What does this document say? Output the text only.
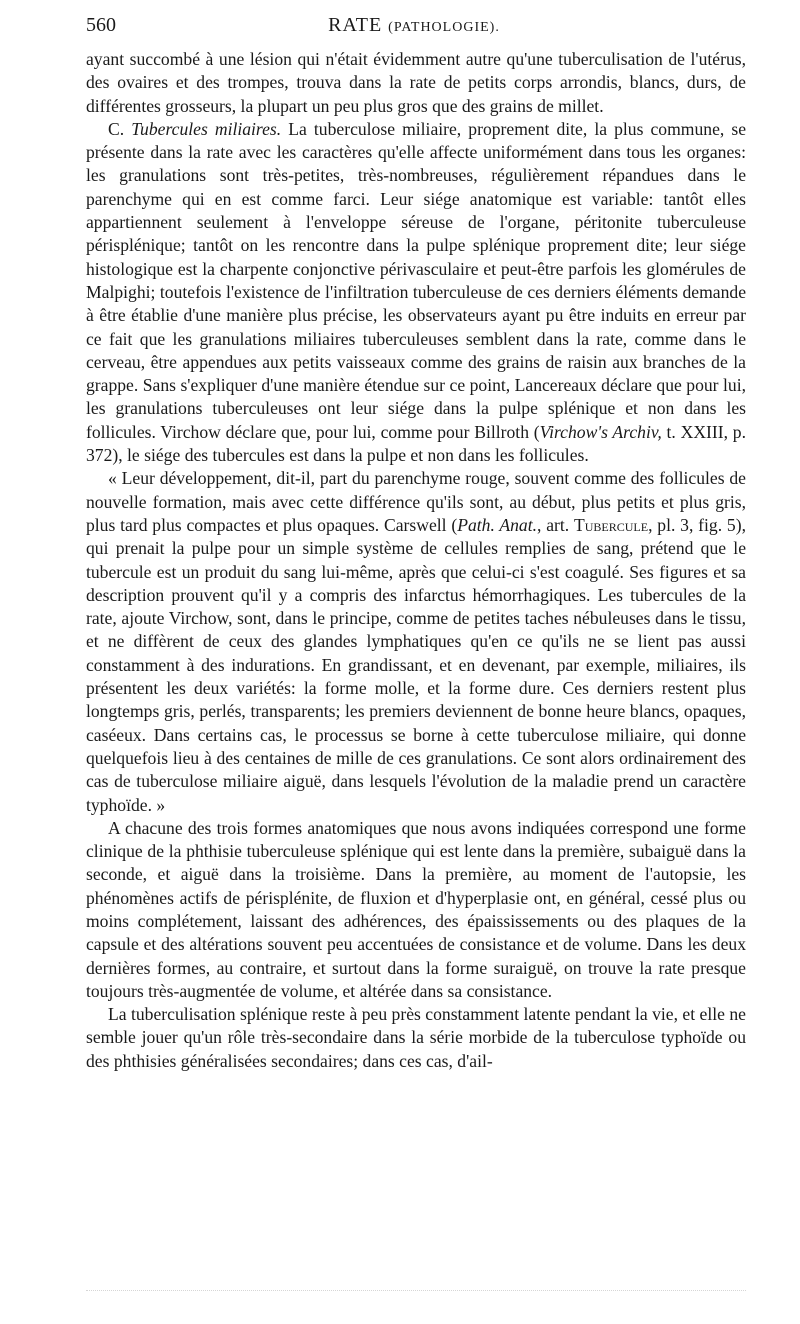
560	RATE (PATHOLOGIE).

ayant succombé à une lésion qui n'était évidemment autre qu'une tuberculisation de l'utérus, des ovaires et des trompes, trouva dans la rate de petits corps arrondis, blancs, durs, de différentes grosseurs, la plupart un peu plus gros que des grains de millet.

C. Tubercules miliaires. La tuberculose miliaire, proprement dite, la plus commune, se présente dans la rate avec les caractères qu'elle affecte uniformément dans tous les organes: les granulations sont très-petites, très-nombreuses, régulièrement répandues dans le parenchyme qui en est comme farci. Leur siége anatomique est variable: tantôt elles appartiennent seulement à l'enveloppe séreuse de l'organe, péritonite tuberculeuse périsplénique; tantôt on les rencontre dans la pulpe splénique proprement dite; leur siége histologique est la charpente conjonctive périvasculaire et peut-être parfois les glomérules de Malpighi; toutefois l'existence de l'infiltration tuberculeuse de ces derniers éléments demande à être établie d'une manière plus précise, les observateurs ayant pu être induits en erreur par ce fait que les granulations miliaires tuberculeuses semblent dans la rate, comme dans le cerveau, être appendues aux petits vaisseaux comme des grains de raisin aux branches de la grappe. Sans s'expliquer d'une manière étendue sur ce point, Lancereaux déclare que pour lui, les granulations tuberculeuses ont leur siége dans la pulpe splénique et non dans les follicules. Virchow déclare que, pour lui, comme pour Billroth (Virchow's Archiv, t. XXIII, p. 372), le siége des tubercules est dans la pulpe et non dans les follicules.

« Leur développement, dit-il, part du parenchyme rouge, souvent comme des follicules de nouvelle formation, mais avec cette différence qu'ils sont, au début, plus petits et plus gris, plus tard plus compactes et plus opaques. Carswell (Path. Anat., art. Tubercule, pl. 3, fig. 5), qui prenait la pulpe pour un simple système de cellules remplies de sang, prétend que le tubercule est un produit du sang lui-même, après que celui-ci s'est coagulé. Ses figures et sa description prouvent qu'il y a compris des infarctus hémorrhagiques. Les tubercules de la rate, ajoute Virchow, sont, dans le principe, comme de petites taches nébuleuses dans le tissu, et ne diffèrent de ceux des glandes lymphatiques qu'en ce qu'ils ne se lient pas aussi constamment à des indurations. En grandissant, et en devenant, par exemple, miliaires, ils présentent les deux variétés: la forme molle, et la forme dure. Ces derniers restent plus longtemps gris, perlés, transparents; les premiers deviennent de bonne heure blancs, opaques, caséeux. Dans certains cas, le processus se borne à cette tuberculose miliaire, qui donne quelquefois lieu à des centaines de mille de ces granulations. Ce sont alors ordinairement des cas de tuberculose miliaire aiguë, dans lesquels l'évolution de la maladie prend un caractère typhoïde. »

A chacune des trois formes anatomiques que nous avons indiquées correspond une forme clinique de la phthisie tuberculeuse splénique qui est lente dans la première, subaiguë dans la seconde, et aiguë dans la troisième. Dans la première, au moment de l'autopsie, les phénomènes actifs de périsplénite, de fluxion et d'hyperplasie ont, en général, cessé plus ou moins complétement, laissant des adhérences, des épaississements ou des plaques de la capsule et des altérations souvent peu accentuées de consistance et de volume. Dans les deux dernières formes, au contraire, et surtout dans la forme suraiguë, on trouve la rate presque toujours très-augmentée de volume, et altérée dans sa consistance.

La tuberculisation splénique reste à peu près constamment latente pendant la vie, et elle ne semble jouer qu'un rôle très-secondaire dans la série morbide de la tuberculose typhoïde ou des phthisies généralisées secondaires; dans ces cas, d'ail-
